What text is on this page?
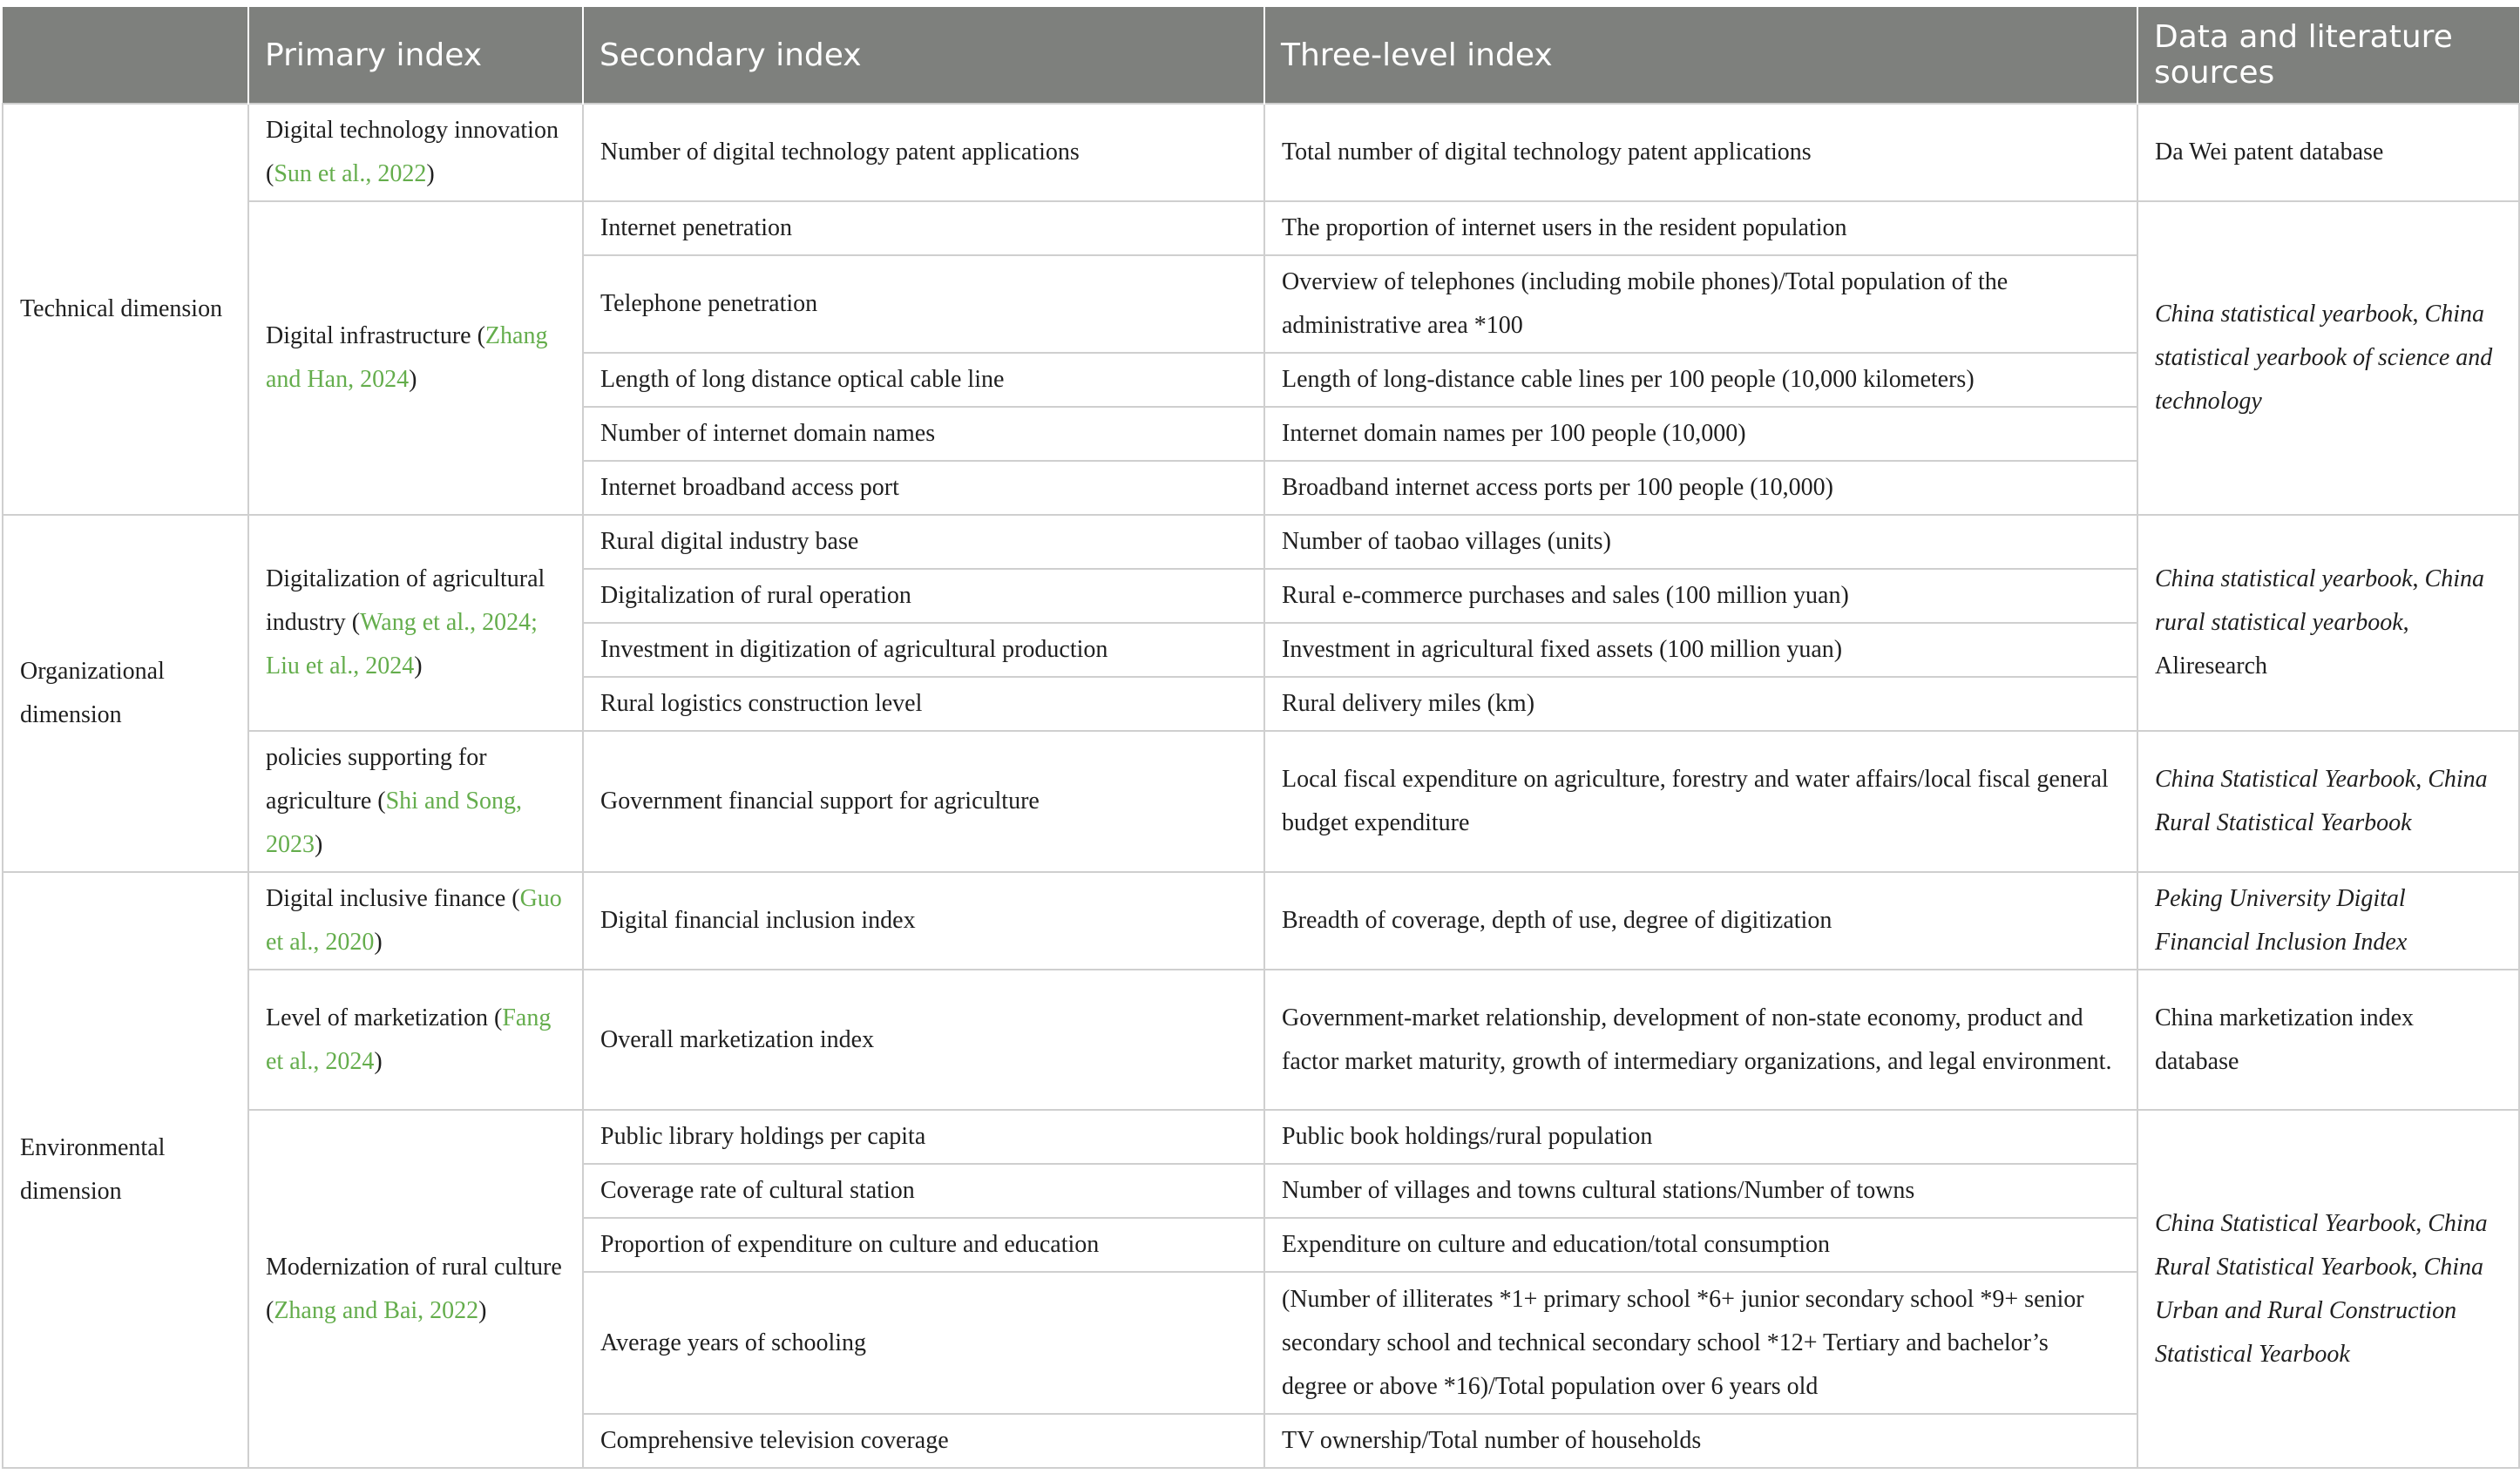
	Primary index	Secondary index	Three-level index	Data and literature sources
Technical dimension	Digital technology innovation (Sun et al., 2022)	Number of digital technology patent applications	Total number of digital technology patent applications	Da Wei patent database
	Digital infrastructure (Zhang and Han, 2024)	Internet penetration	The proportion of internet users in the resident population	China statistical yearbook, China statistical yearbook of science and technology
		Telephone penetration	Overview of telephones (including mobile phones)/Total population of the administrative area *100	
		Length of long distance optical cable line	Length of long-distance cable lines per 100 people (10,000 kilometers)	
		Number of internet domain names	Internet domain names per 100 people (10,000)	
		Internet broadband access port	Broadband internet access ports per 100 people (10,000)	
Organizational dimension	Digitalization of agricultural industry (Wang et al., 2024; Liu et al., 2024)	Rural digital industry base	Number of taobao villages (units)	China statistical yearbook, China rural statistical yearbook, Aliresearch
		Digitalization of rural operation	Rural e-commerce purchases and sales (100 million yuan)	
		Investment in digitization of agricultural production	Investment in agricultural fixed assets (100 million yuan)	
		Rural logistics construction level	Rural delivery miles (km)	
	policies supporting for agriculture (Shi and Song, 2023)	Government financial support for agriculture	Local fiscal expenditure on agriculture, forestry and water affairs/local fiscal general budget expenditure	China Statistical Yearbook, China Rural Statistical Yearbook
Environmental dimension	Digital inclusive finance (Guo et al., 2020)	Digital financial inclusion index	Breadth of coverage, depth of use, degree of digitization	Peking University Digital Financial Inclusion Index
	Level of marketization (Fang et al., 2024)	Overall marketization index	Government-market relationship, development of non-state economy, product and factor market maturity, growth of intermediary organizations, and legal environment.	China marketization index database
	Modernization of rural culture (Zhang and Bai, 2022)	Public library holdings per capita	Public book holdings/rural population	China Statistical Yearbook, China Rural Statistical Yearbook, China Urban and Rural Construction Statistical Yearbook
		Coverage rate of cultural station	Number of villages and towns cultural stations/Number of towns	
		Proportion of expenditure on culture and education	Expenditure on culture and education/total consumption	
		Average years of schooling	(Number of illiterates *1+ primary school *6+ junior secondary school *9+ senior secondary school and technical secondary school *12+ Tertiary and bachelor’s degree or above *16)/Total population over 6 years old	
		Comprehensive television coverage	TV ownership/Total number of households	
